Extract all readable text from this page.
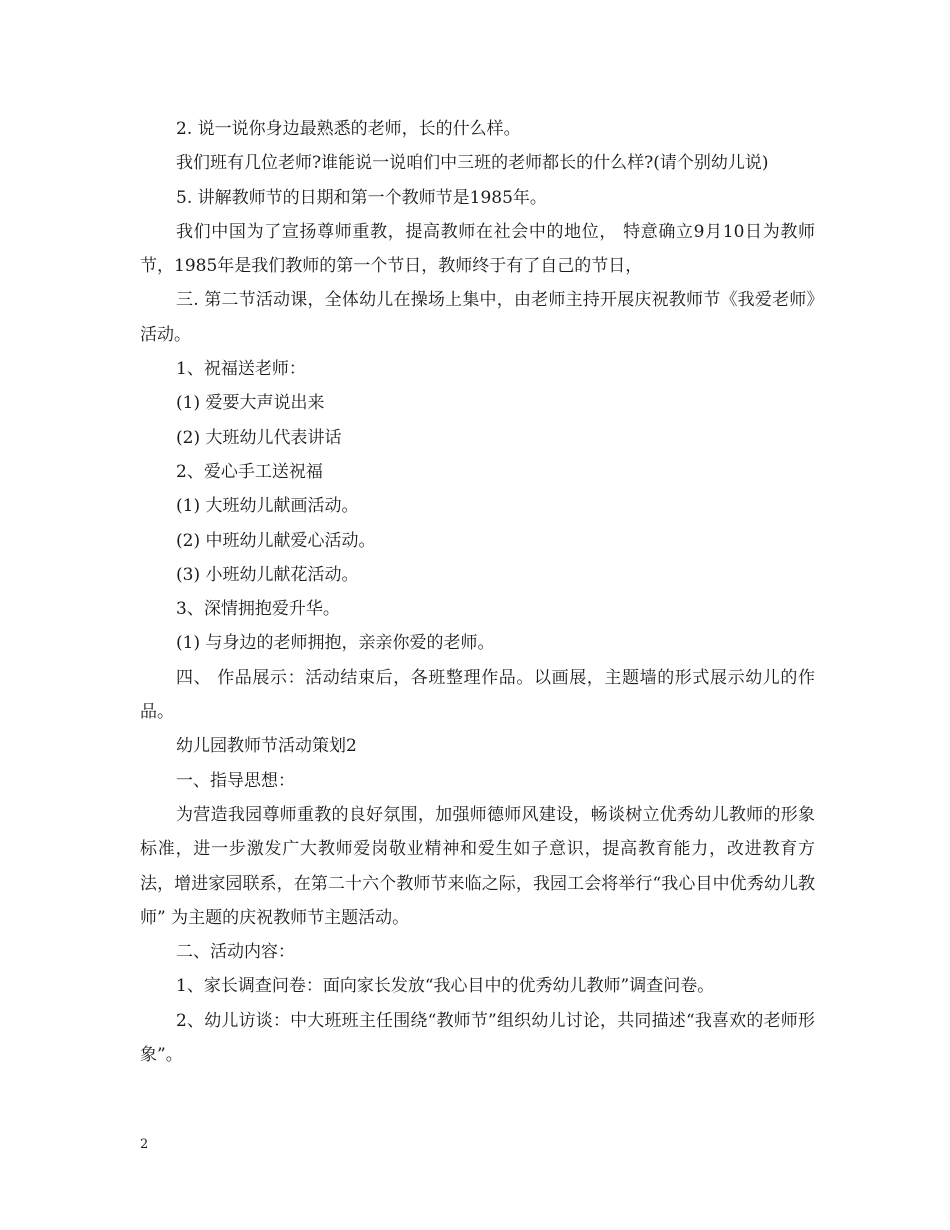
2. 说一说你身边最熟悉的老师，长的什么样。

我们班有几位老师?谁能说一说咱们中三班的老师都长的什么样?(请个别幼儿说)

5. 讲解教师节的日期和第一个教师节是1985年。

我们中国为了宣扬尊师重教，提高教师在社会中的地位， 特意确立9月10日为教师节，1985年是我们教师的第一个节日，教师终于有了自己的节日，

三. 第二节活动课，全体幼儿在操场上集中，由老师主持开展庆祝教师节《我爱老师》活动。

1、祝福送老师：

(1) 爱要大声说出来

(2) 大班幼儿代表讲话

2、爱心手工送祝福

(1) 大班幼儿献画活动。

(2) 中班幼儿献爱心活动。

(3) 小班幼儿献花活动。

3、深情拥抱爱升华。

(1) 与身边的老师拥抱，亲亲你爱的老师。

四、 作品展示：活动结束后，各班整理作品。以画展，主题墙的形式展示幼儿的作品。

幼儿园教师节活动策划2

一、指导思想：

为营造我园尊师重教的良好氛围，加强师德师风建设，畅谈树立优秀幼儿教师的形象标准，进一步激发广大教师爱岗敬业精神和爱生如子意识，提高教育能力，改进教育方法，增进家园联系，在第二十六个教师节来临之际，我园工会将举行“我心目中优秀幼儿教师” 为主题的庆祝教师节主题活动。

二、活动内容：

1、家长调查问卷：面向家长发放“我心目中的优秀幼儿教师”调查问卷。

2、幼儿访谈：中大班班主任围绕“教师节”组织幼儿讨论，共同描述“我喜欢的老师形象”。

2
